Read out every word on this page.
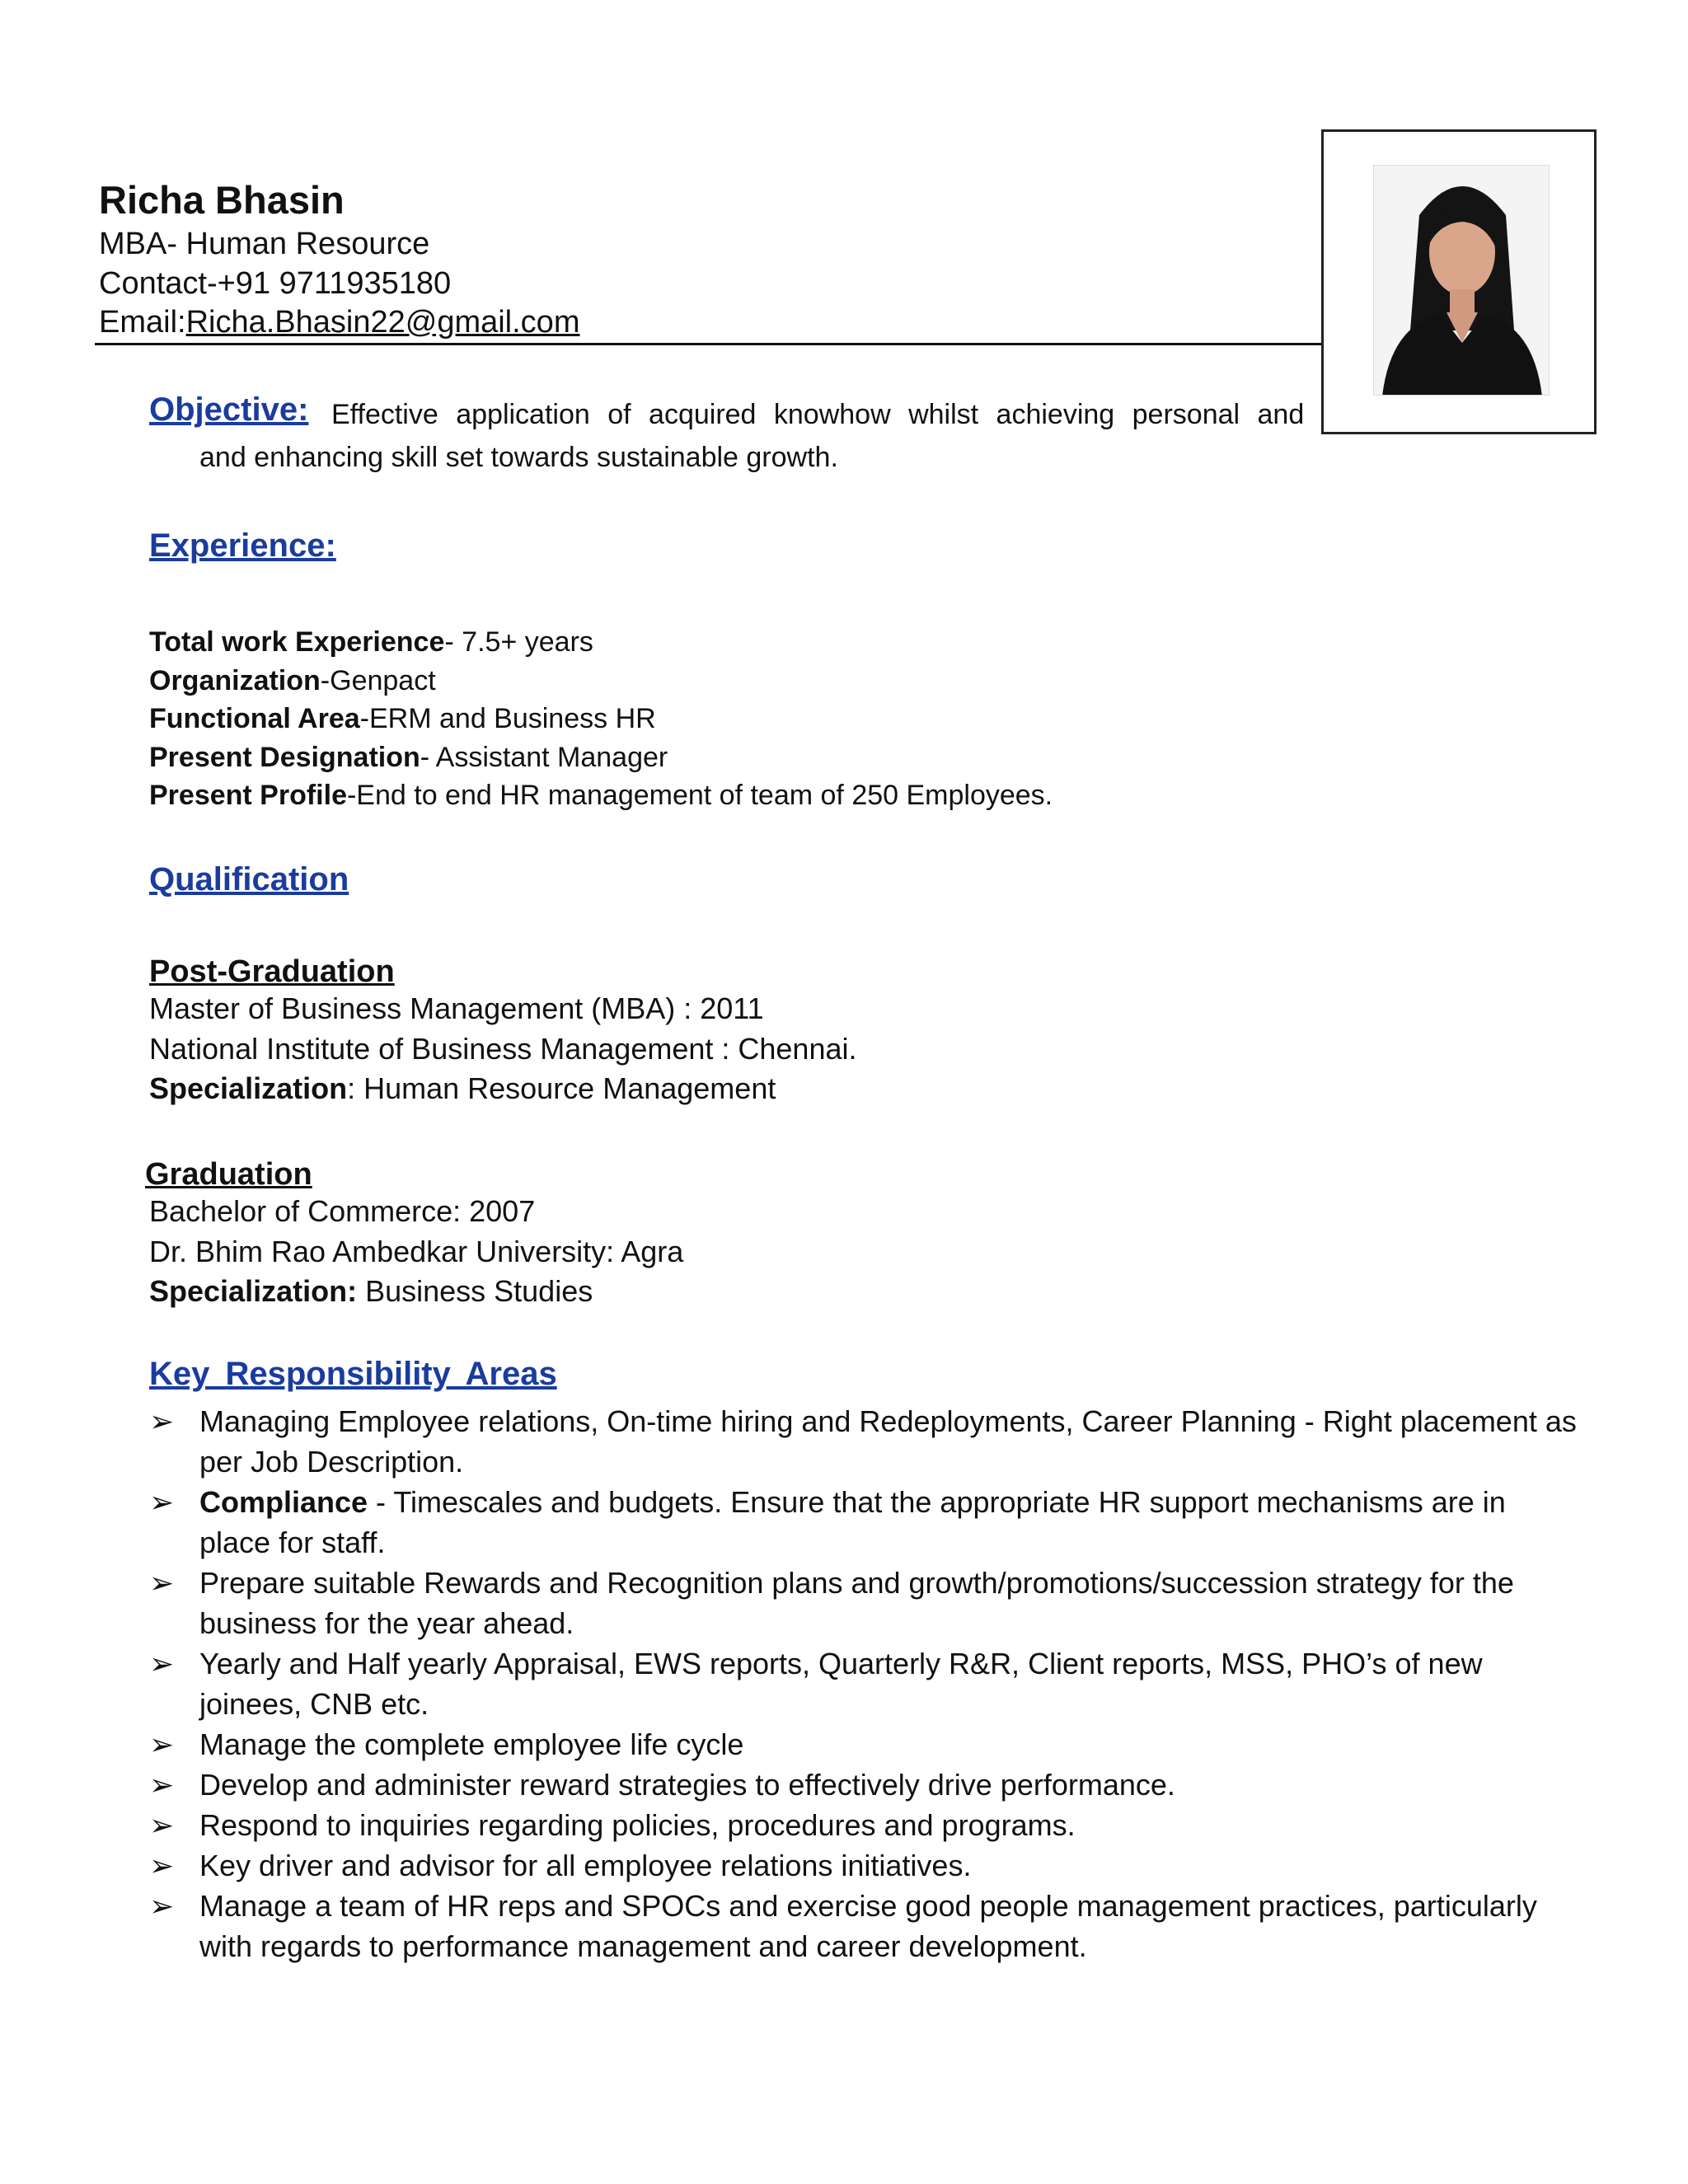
Richa Bhasin
MBA- Human Resource
Contact-+91 9711935180
Email:Richa.Bhasin22@gmail.com
Objective: Effective application of acquired knowhow whilst achieving personal and
and enhancing skill set towards sustainable growth.
Experience:
Total work Experience- 7.5+ years
Organization-Genpact
Functional Area-ERM and Business HR
Present Designation- Assistant Manager
Present Profile-End to end HR management of team of 250 Employees.
Qualification
Post-Graduation
Master of Business Management (MBA) : 2011
National Institute of Business Management : Chennai.
Specialization: Human Resource Management
Graduation
Bachelor of Commerce: 2007
Dr. Bhim Rao Ambedkar University: Agra
Specialization: Business Studies
Key Responsibility Areas
➢ Managing Employee relations, On-time hiring and Redeployments, Career Planning - Right placement as per Job Description.
➢ Compliance - Timescales and budgets. Ensure that the appropriate HR support mechanisms are in place for staff.
➢ Prepare suitable Rewards and Recognition plans and growth/promotions/succession strategy for the business for the year ahead.
➢ Yearly and Half yearly Appraisal, EWS reports, Quarterly R&R, Client reports, MSS, PHO’s of new joinees, CNB etc.
➢ Manage the complete employee life cycle
➢ Develop and administer reward strategies to effectively drive performance.
➢ Respond to inquiries regarding policies, procedures and programs.
➢ Key driver and advisor for all employee relations initiatives.
➢ Manage a team of HR reps and SPOCs and exercise good people management practices, particularly with regards to performance management and career development.
